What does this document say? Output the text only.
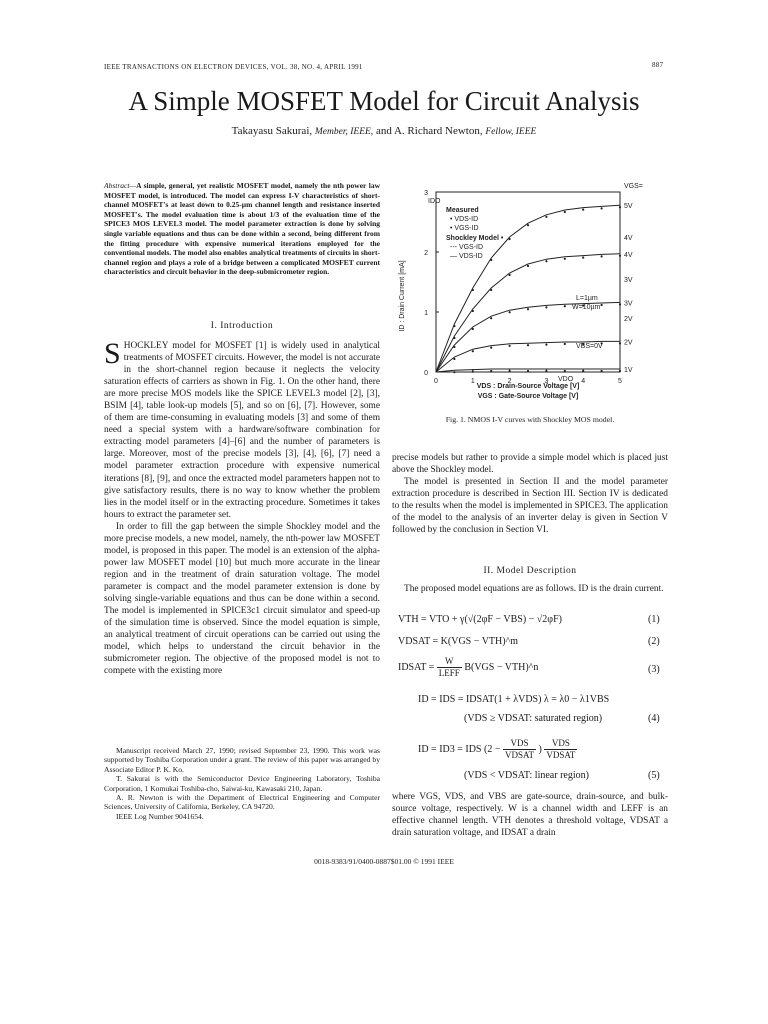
IEEE TRANSACTIONS ON ELECTRON DEVICES, VOL. 38, NO. 4, APRIL 1991	887
A Simple MOSFET Model for Circuit Analysis
Takayasu Sakurai, Member, IEEE, and A. Richard Newton, Fellow, IEEE
Abstract—A simple, general, yet realistic MOSFET model, namely the nth power law MOSFET model, is introduced. The model can express I-V characteristics of short-channel MOSFET's at least down to 0.25-µm channel length and resistance inserted MOSFET's. The model evaluation time is about 1/3 of the evaluation time of the SPICE3 MOS LEVEL3 model. The model parameter extraction is done by solving single variable equations and thus can be done within a second, being different from the fitting procedure with expensive numerical iterations employed for the conventional models. The model also enables analytical treatments of circuits in short-channel region and plays a role of a bridge between a complicated MOSFET current characteristics and circuit behavior in the deep-submicrometer region.
I. Introduction
S HOCKLEY model for MOSFET [1] is widely used in analytical treatments of MOSFET circuits. However, the model is not accurate in the short-channel region because it neglects the velocity saturation effects of carriers as shown in Fig. 1. On the other hand, there are more precise MOS models like the SPICE LEVEL3 model [2], [3], BSIM [4], table look-up models [5], and so on [6], [7]. However, some of them are time-consuming in evaluating models [3] and some of them need a special system with a hardware/software combination for extracting model parameters [4]–[6] and the number of parameters is large. Moreover, most of the precise models [3], [4], [6], [7] need a model parameter extraction procedure with expensive numerical iterations [8], [9], and once the extracted model parameters happen not to give satisfactory results, there is no way to know whether the problem lies in the model itself or in the extracting procedure. Sometimes it takes hours to extract the parameter set.

In order to fill the gap between the simple Shockley model and the more precise models, a new model, namely, the nth-power law MOSFET model, is proposed in this paper. The model is an extension of the alpha-power law MOSFET model [10] but much more accurate in the linear region and in the treatment of drain saturation voltage. The model parameter is compact and the model parameter extension is done by solving single-variable equations and thus can be done within a second. The model is implemented in SPICE3c1 circuit simulator and speed-up of the simulation time is observed. Since the model equation is simple, an analytical treatment of circuit operations can be carried out using the model, which helps to understand the circuit behavior in the submicrometer region. The objective of the proposed model is not to compete with the existing more

Manuscript received March 27, 1990; revised September 23, 1990. This work was supported by Toshiba Corporation under a grant. The review of this paper was arranged by Associate Editor P. K. Ko.

T. Sakurai is with the Semiconductor Device Engineering Laboratory, Toshiba Corporation, 1 Komukai Toshiba-cho, Saiwai-ku, Kawasaki 210, Japan.

A. R. Newton is with the Department of Electrical Engineering and Computer Sciences, University of California, Berkeley, CA 94720.

IEEE Log Number 9041654.

5V
4V
3V
2V
1V
4V
3V
2V
0	1	2	3	4	5
0
1
2
3
ID : Drain Current [mA]
VDS : Drain-Source Voltage [V]
VGS : Gate-Source Voltage [V]
VGS=
IDO
Measured
• VDS-ID
• VGS-ID
Shockley Model •
--- VGS-ID
— VDS-ID
L=1µm
W=10µm
VBS=0V
VDO
Fig. 1. NMOS I-V curves with Shockley MOS model.

precise models but rather to provide a simple model which is placed just above the Shockley model.

The model is presented in Section II and the model parameter extraction procedure is described in Section III. Section IV is dedicated to the results when the model is implemented in SPICE3. The application of the model to the analysis of an inverter delay is given in Section V followed by the conclusion in Section VI.

II. Model Description
The proposed model equations are as follows. ID is the drain current.
VTH = VTO + γ(√(2φF − VBS) − √2φF)	(1)
VDSAT = K(VGS − VTH)^m	(2)
IDSAT = $\frac{W}{\text{LEFF}} B(VGS$ − VTH)^n	(3)
ID = IDS = IDSAT(1 + λVDS) λ = λ0 − λ1VBS
(VDS ≥ VDSAT: saturated region)	(4)
ID = ID3 = IDS ($2 - \frac{\text{VDS}}{\text{VDSAT}}$ ) $\frac{\text{VDS}}{\text{VDSAT}}$
(VDS < VDSAT: linear region)	(5)
where VGS, VDS, and VBS are gate-source, drain-source, and bulk-source voltage, respectively. W is a channel width and LEFF is an effective channel length. VTH denotes a threshold voltage, VDSAT a drain saturation voltage, and IDSAT a drain
0018-9383/91/0400-0887$01.00 © 1991 IEEE
